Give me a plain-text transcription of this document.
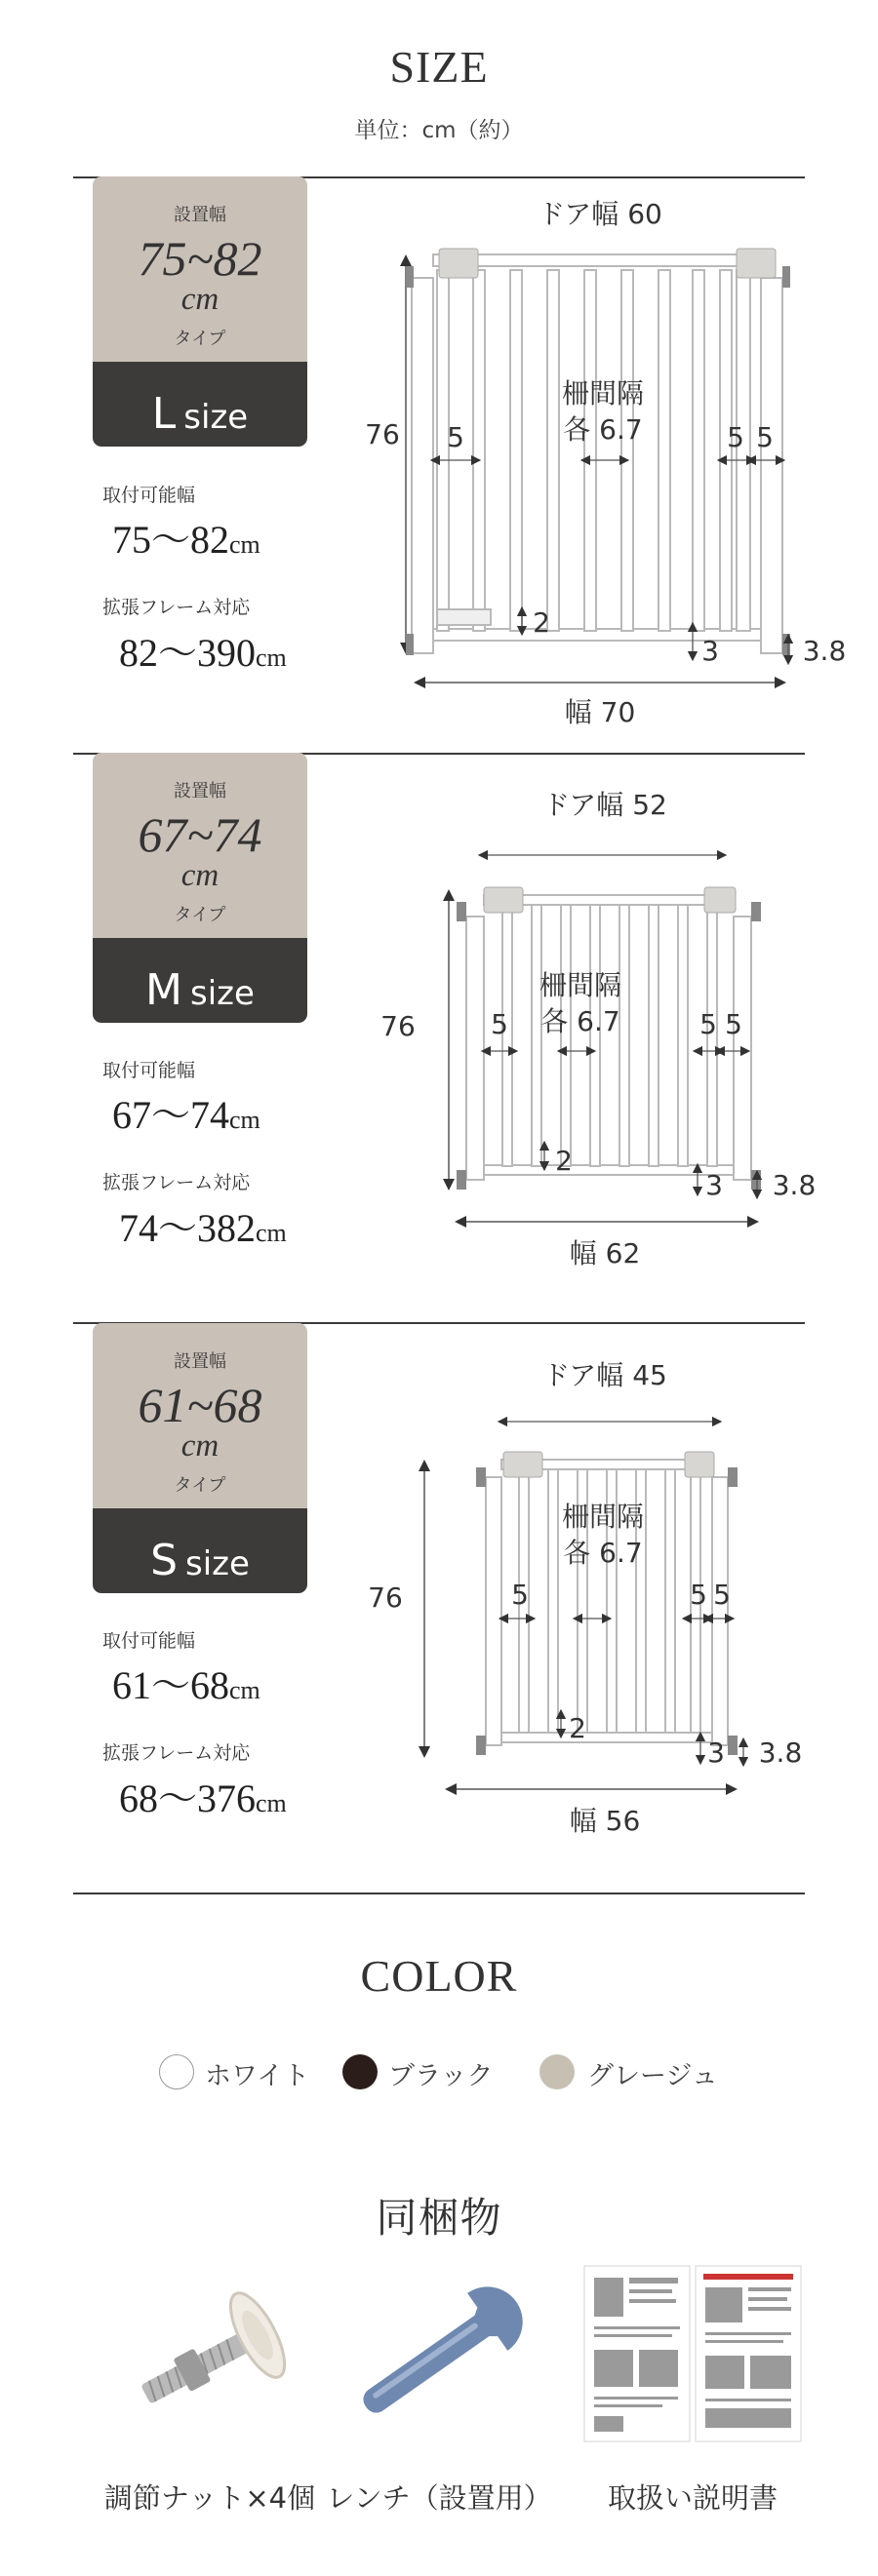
SIZE
単位：cm（約）
設置幅
75~82
cm
タイプ
L size
取付可能幅
75〜82cm
拡張フレーム対応
82〜390cm
ドア幅 60
76 5
柵間隔
各 6.7	5 5
2
3	3.8
幅 70
設置幅
67~74
cm
タイプ
M size
取付可能幅
67〜74cm
拡張フレーム対応
74〜382cm
ドア幅 52
76	5
柵間隔
各 6.7	5 5
2
3 3.8
幅 62
設置幅
61~68
cm
タイプ
S size
取付可能幅
61〜68cm
拡張フレーム対応
68〜376cm
ドア幅 45
76	5
柵間隔
各 6.7
5 5
2
3 3.8
幅 56
COLOR
ホワイト	ブラック	グレージュ
同梱物
調節ナット×4個 レンチ（設置用）	取扱い説明書
